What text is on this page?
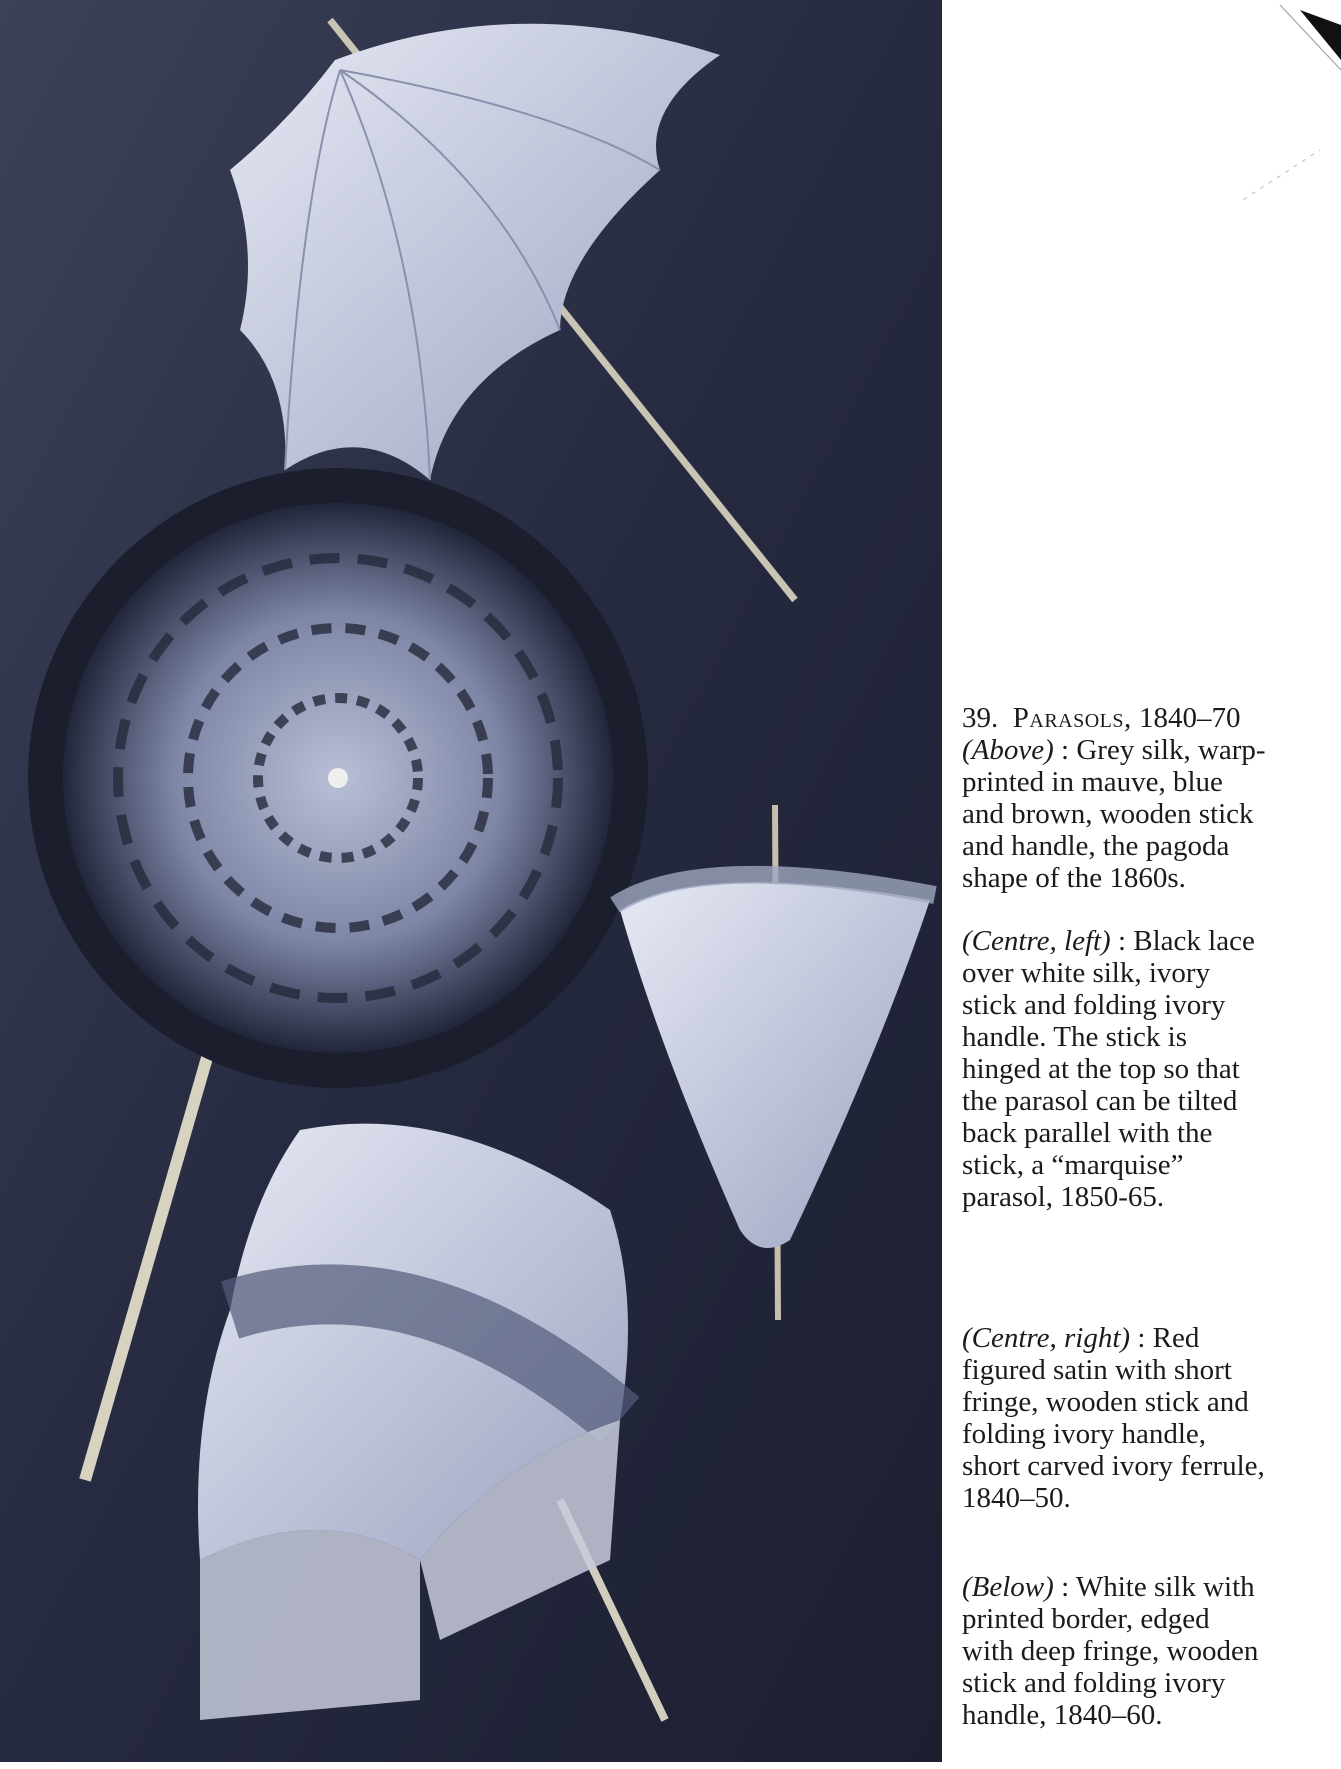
39. Parasols, 1840–70
(Above) : Grey silk, warp-
printed in mauve, blue
and brown, wooden stick
and handle, the pagoda
shape of the 1860s.
(Centre, left) : Black lace
over white silk, ivory
stick and folding ivory
handle. The stick is
hinged at the top so that
the parasol can be tilted
back parallel with the
stick, a “marquise”
parasol, 1850-65.
(Centre, right) : Red
figured satin with short
fringe, wooden stick and
folding ivory handle,
short carved ivory ferrule,
1840–50.
(Below) : White silk with
printed border, edged
with deep fringe, wooden
stick and folding ivory
handle, 1840–60.
